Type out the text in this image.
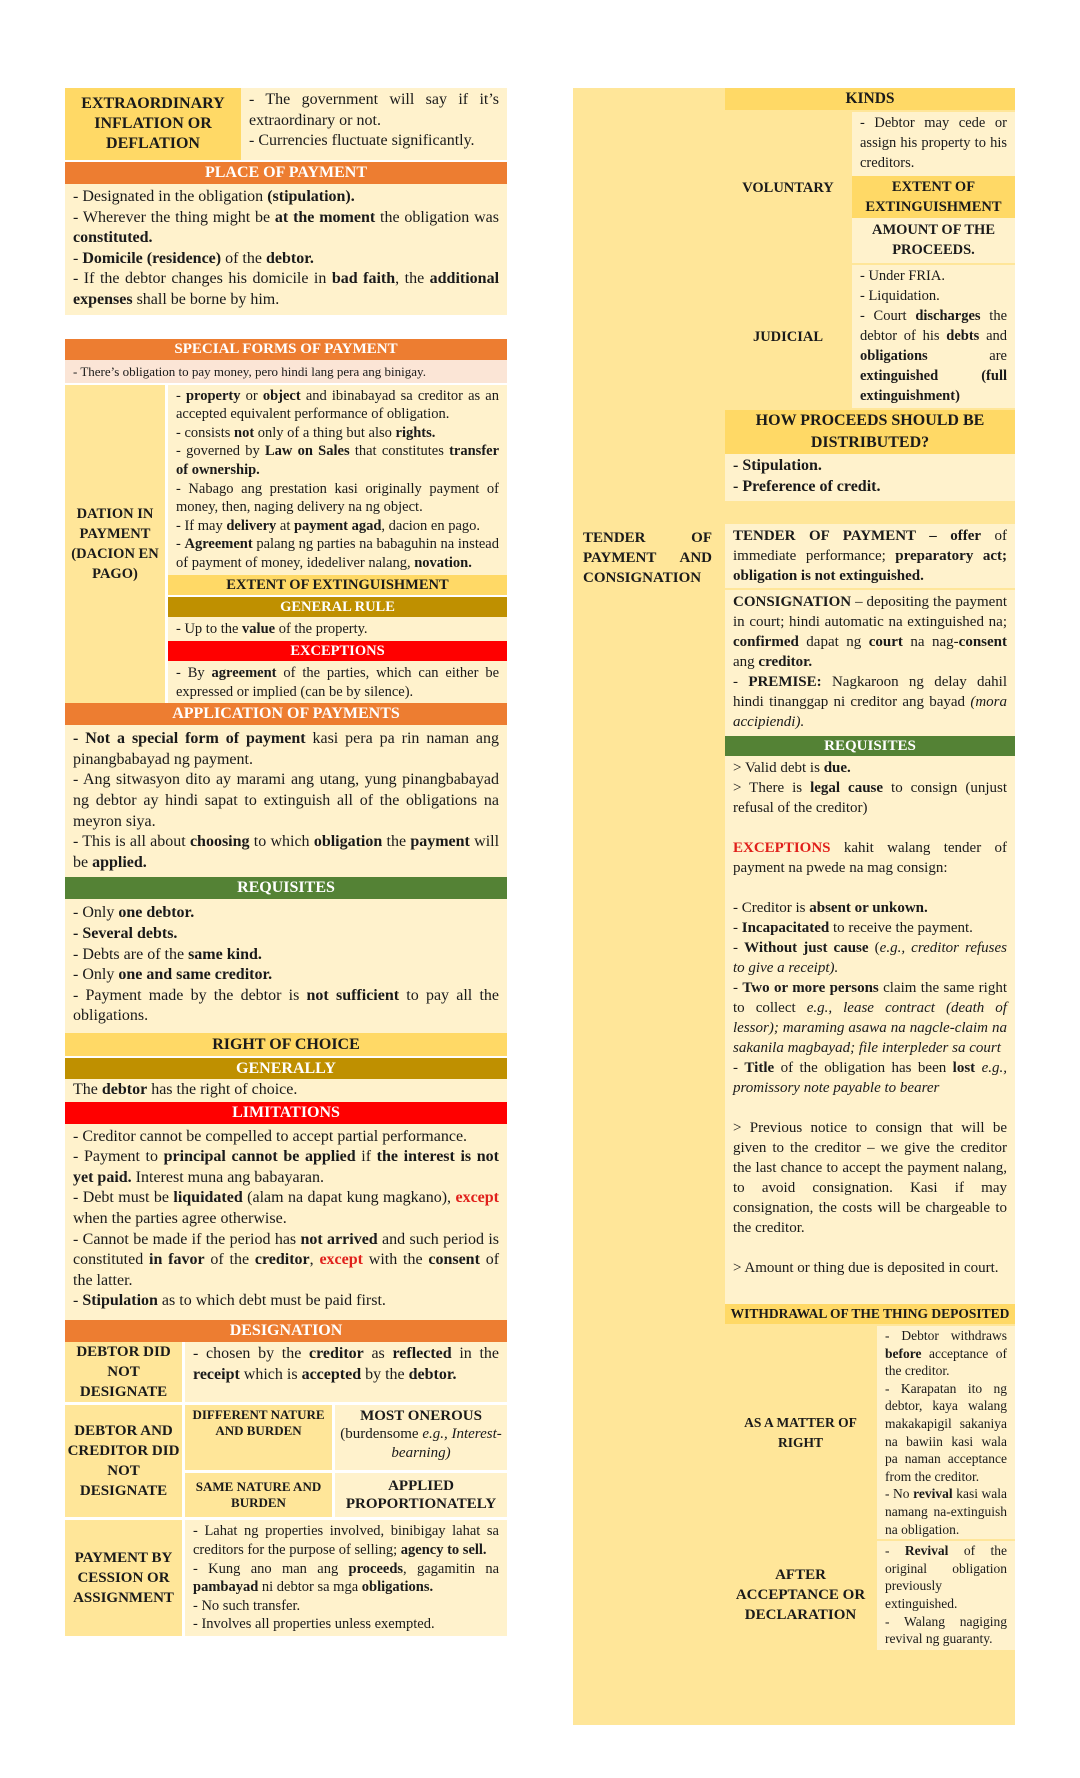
EXTRAORDINARY INFLATION OR DEFLATION
- The government will say if it’s extraordinary or not.
- Currencies fluctuate significantly.
PLACE OF PAYMENT
- Designated in the obligation (stipulation).
- Wherever the thing might be at the moment the obligation was constituted.
- Domicile (residence) of the debtor.
- If the debtor changes his domicile in bad faith, the additional expenses shall be borne by him.
SPECIAL FORMS OF PAYMENT
- There’s obligation to pay money, pero hindi lang pera ang binigay.
DATION IN PAYMENT (DACION EN PAGO)
- property or object and ibinabayad sa creditor as an accepted equivalent performance of obligation.
- consists not only of a thing but also rights.
- governed by Law on Sales that constitutes transfer of ownership.
- Nabago ang prestation kasi originally payment of money, then, naging delivery na ng object.
- If may delivery at payment agad, dacion en pago.
- Agreement palang ng parties na babaguhin na instead of payment of money, idedeliver nalang, novation.
EXTENT OF EXTINGUISHMENT
GENERAL RULE
- Up to the value of the property.
EXCEPTIONS
- By agreement of the parties, which can either be expressed or implied (can be by silence).
APPLICATION OF PAYMENTS
- Not a special form of payment kasi pera pa rin naman ang pinangbabayad ng payment.
- Ang sitwasyon dito ay marami ang utang, yung pinangbabayad ng debtor ay hindi sapat to extinguish all of the obligations na meyron siya.
- This is all about choosing to which obligation the payment will be applied.
REQUISITES
- Only one debtor.
- Several debts.
- Debts are of the same kind.
- Only one and same creditor.
- Payment made by the debtor is not sufficient to pay all the obligations.
RIGHT OF CHOICE
GENERALLY
The debtor has the right of choice.
LIMITATIONS
- Creditor cannot be compelled to accept partial performance.
- Payment to principal cannot be applied if the interest is not yet paid. Interest muna ang babayaran.
- Debt must be liquidated (alam na dapat kung magkano), except when the parties agree otherwise.
- Cannot be made if the period has not arrived and such period is constituted in favor of the creditor, except with the consent of the latter.
- Stipulation as to which debt must be paid first.
DESIGNATION
DEBTOR DID NOT DESIGNATE
- chosen by the creditor as reflected in the receipt which is accepted by the debtor.
DEBTOR AND CREDITOR DID NOT DESIGNATE
DIFFERENT NATURE AND BURDEN
MOST ONEROUS
(burdensome e.g., Interest-bearning)
SAME NATURE AND BURDEN
APPLIED PROPORTIONATELY
PAYMENT BY CESSION OR ASSIGNMENT
- Lahat ng properties involved, binibigay lahat sa creditors for the purpose of selling; agency to sell.
- Kung ano man ang proceeds, gagamitin na pambayad ni debtor sa mga obligations.
- No such transfer.
- Involves all properties unless exempted.
KINDS
VOLUNTARY
- Debtor may cede or assign his property to his creditors.
EXTENT OF EXTINGUISHMENT
AMOUNT OF THE PROCEEDS.
JUDICIAL
- Under FRIA.
- Liquidation.
- Court discharges the debtor of his debts and obligations are extinguished (full extinguishment)
HOW PROCEEDS SHOULD BE DISTRIBUTED?
- Stipulation.
- Preference of credit.
TENDER OF PAYMENT AND CONSIGNATION
TENDER OF PAYMENT – offer of immediate performance; preparatory act; obligation is not extinguished.
CONSIGNATION – depositing the payment in court; hindi automatic na extinguished na; confirmed dapat ng court na nag-consent ang creditor.
- PREMISE: Nagkaroon ng delay dahil hindi tinanggap ni creditor ang bayad (mora accipiendi).
REQUISITES
> Valid debt is due.
> There is legal cause to consign (unjust refusal of the creditor)
EXCEPTIONS kahit walang tender of payment na pwede na mag consign:
- Creditor is absent or unkown.
- Incapacitated to receive the payment.
- Without just cause (e.g., creditor refuses to give a receipt).
- Two or more persons claim the same right to collect e.g., lease contract (death of lessor); maraming asawa na nagcle-claim na sakanila magbayad; file interpleder sa court
- Title of the obligation has been lost e.g., promissory note payable to bearer
> Previous notice to consign that will be given to the creditor – we give the creditor the last chance to accept the payment nalang, to avoid consignation. Kasi if may consignation, the costs will be chargeable to the creditor.
> Amount or thing due is deposited in court.
WITHDRAWAL OF THE THING DEPOSITED
AS A MATTER OF RIGHT
- Debtor withdraws before acceptance of the creditor.
- Karapatan ito ng debtor, kaya walang makakapigil sakaniya na bawiin kasi wala pa naman acceptance from the creditor.
- No revival kasi wala namang na-extinguish na obligation.
AFTER ACCEPTANCE OR DECLARATION
- Revival of the original obligation previously extinguished.
- Walang nagiging revival ng guaranty.
